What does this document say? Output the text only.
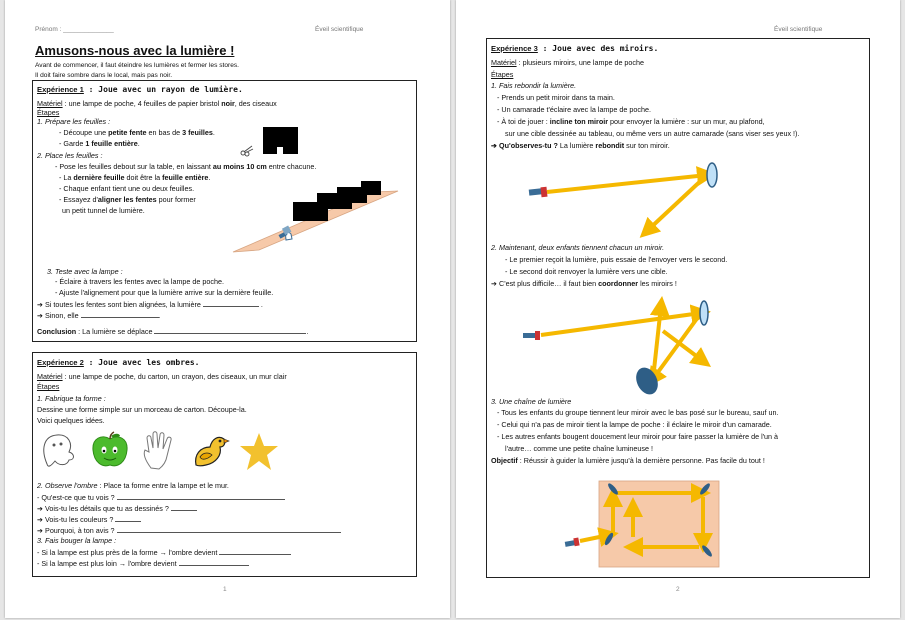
Prénom : ______________	Éveil scientifique
Amusons-nous avec la lumière !
Avant de commencer, il faut éteindre les lumières et fermer les stores.
Il doit faire sombre dans le local, mais pas noir.
Expérience 1 : Joue avec un rayon de lumière.
Matériel : une lampe de poche, 4 feuilles de papier bristol noir, des ciseaux
Étapes
1. Prépare les feuilles :
- Découpe une petite fente en bas de 3 feuilles.
- Garde 1 feuille entière.
2. Place les feuilles :
- Pose les feuilles debout sur la table, en laissant au moins 10 cm entre chacune.
- La dernière feuille doit être la feuille entière.
- Chaque enfant tient une ou deux feuilles.
- Essayez d'aligner les fentes pour former
un petit tunnel de lumière.
3. Teste avec la lampe :
- Éclaire à travers les fentes avec la lampe de poche.
- Ajuste l'alignement pour que la lumière arrive sur la dernière feuille.
➔ Si toutes les fentes sont bien alignées, la lumière	.
➔ Sinon, elle	.
Conclusion : La lumière se déplace	.
Expérience 2 : Joue avec les ombres.
Matériel : une lampe de poche, du carton, un crayon, des ciseaux, un mur clair
Étapes
1. Fabrique ta forme :
Dessine une forme simple sur un morceau de carton. Découpe-la.
Voici quelques idées.
2. Observe l'ombre : Place ta forme entre la lampe et le mur.
- Qu'est-ce que tu vois ?
➔ Vois-tu les détails que tu as dessinés ?
➔ Vois-tu les couleurs ?
➔ Pourquoi, à ton avis ?
3. Fais bouger la lampe :
- Si la lampe est plus près de la forme → l'ombre devient
- Si la lampe est plus loin → l'ombre devient
1
Éveil scientifique
Expérience 3 : Joue avec des miroirs.
Matériel : plusieurs miroirs, une lampe de poche
Étapes
1. Fais rebondir la lumière.
- Prends un petit miroir dans ta main.
- Un camarade t'éclaire avec la lampe de poche.
- À toi de jouer : incline ton miroir pour envoyer la lumière : sur un mur, au plafond,
sur une cible dessinée au tableau, ou même vers un autre camarade (sans viser ses yeux !).
➔ Qu'observes-tu ? La lumière rebondit sur ton miroir.
2. Maintenant, deux enfants tiennent chacun un miroir.
- Le premier reçoit la lumière, puis essaie de l'envoyer vers le second.
- Le second doit renvoyer la lumière vers une cible.
➔ C'est plus difficile… il faut bien coordonner les miroirs !
3. Une chaîne de lumière
- Tous les enfants du groupe tiennent leur miroir avec le bas posé sur le bureau, sauf un.
- Celui qui n'a pas de miroir tient la lampe de poche : il éclaire le miroir d'un camarade.
- Les autres enfants bougent doucement leur miroir pour faire passer la lumière de l'un à
l'autre… comme une petite chaîne lumineuse !
Objectif : Réussir à guider la lumière jusqu'à la dernière personne. Pas facile du tout !
2
